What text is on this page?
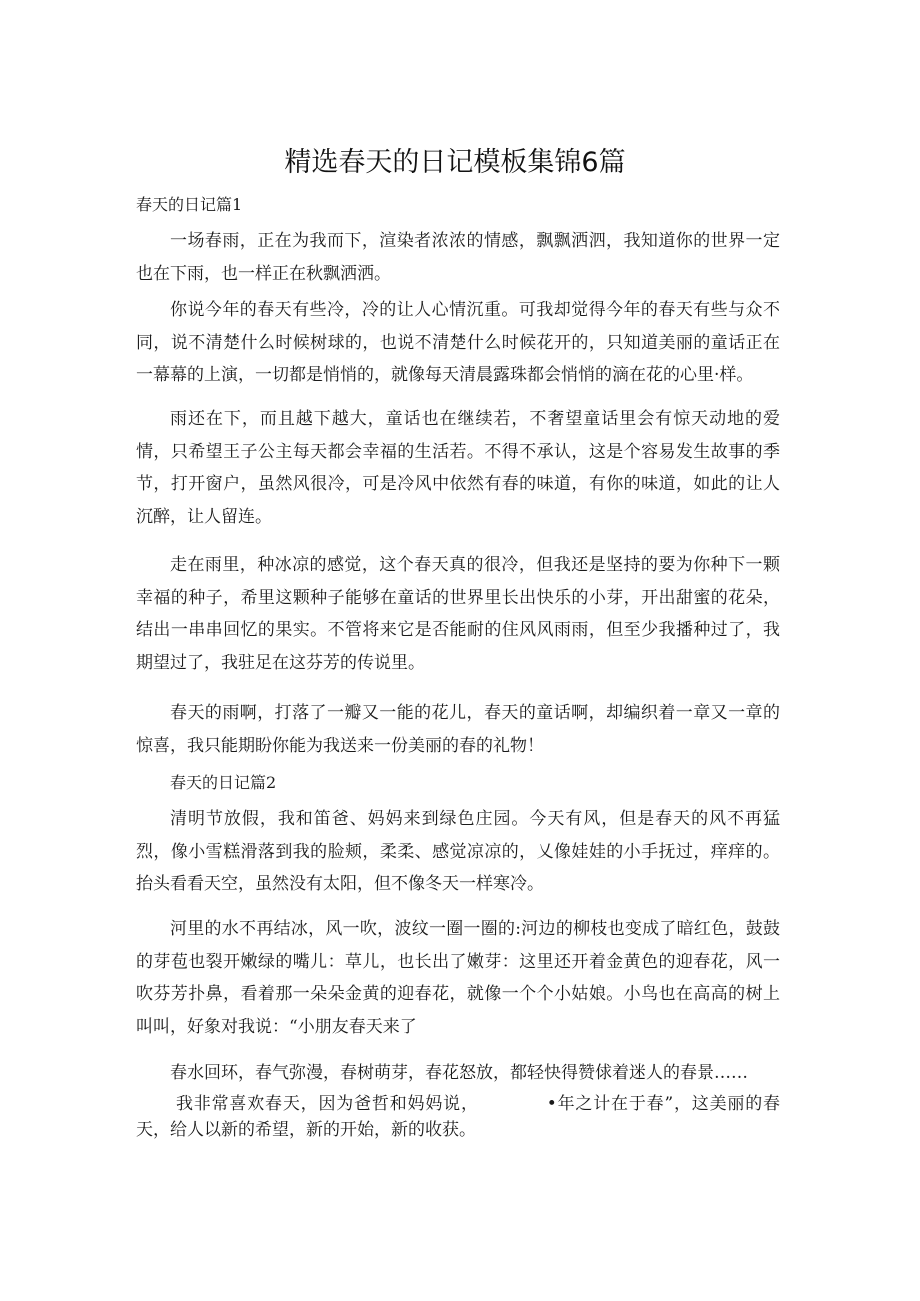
精选春天的日记模板集锦6篇
春天的日记篇1

一场春雨，正在为我而下，渲染者浓浓的情感，飘飘洒泗，我知道你的世界一定也在下雨，也一样正在秋飘洒洒。

你说今年的春天有些冷，冷的让人心情沉重。可我却觉得今年的春天有些与众不同，说不清楚什么时候树球的，也说不清楚什么时候花开的，只知道美丽的童话正在一幕幕的上演，一切都是悄悄的，就像每天清晨露珠都会悄悄的滴在花的心里·样。

雨还在下，而且越下越大，童话也在继续若，不奢望童话里会有惊天动地的爱情，只希望王子公主每天都会幸福的生活若。不得不承认，这是个容易发生故事的季节，打开窗户，虽然风很冷，可是冷风中依然有春的味道，有你的味道，如此的让人沉醉，让人留连。

走在雨里，种冰凉的感觉，这个春天真的很冷，但我还是坚持的要为你种下一颗幸福的种子，希里这颗种子能够在童话的世界里长出快乐的小芽，开出甜蜜的花朵，结出一串串回忆的果实。不管将来它是否能耐的住风风雨雨，但至少我播种过了，我期望过了，我驻足在这芬芳的传说里。

春天的雨啊，打落了一瓣又一能的花儿，春天的童话啊，却编织着一章又一章的惊喜，我只能期盼你能为我送来一份美丽的春的礼物！

春天的日记篇2

清明节放假，我和笛爸、妈妈来到绿色庄园。今天有风，但是春天的风不再猛烈，像小雪糕滑落到我的脸颊，柔柔、感觉凉凉的，乂像娃娃的小手抚过，痒痒的。抬头看看天空，虽然没有太阳，但不像冬天一样寒冷。

河里的水不再结冰，风一吹，波纹一圈一圈的:河边的柳枝也变成了暗红色，鼓鼓的芽苞也裂开嫩绿的嘴儿：草儿，也长出了嫩芽：这里还开着金黄色的迎春花，风一吹芬芳扑鼻，看着那一朵朵金黄的迎春花，就像一个个小姑娘。小鸟也在高高的树上叫叫，好象对我说：“小朋友春天来了

春水回环，春气弥漫，春树萌芽，春花怒放，都轻快得赞俅着迷人的春景……

我非常喜欢春天，因为爸哲和妈妈说，	•年之计在于春”，这美丽的春天，给人以新的希望，新的开始，新的收获。
